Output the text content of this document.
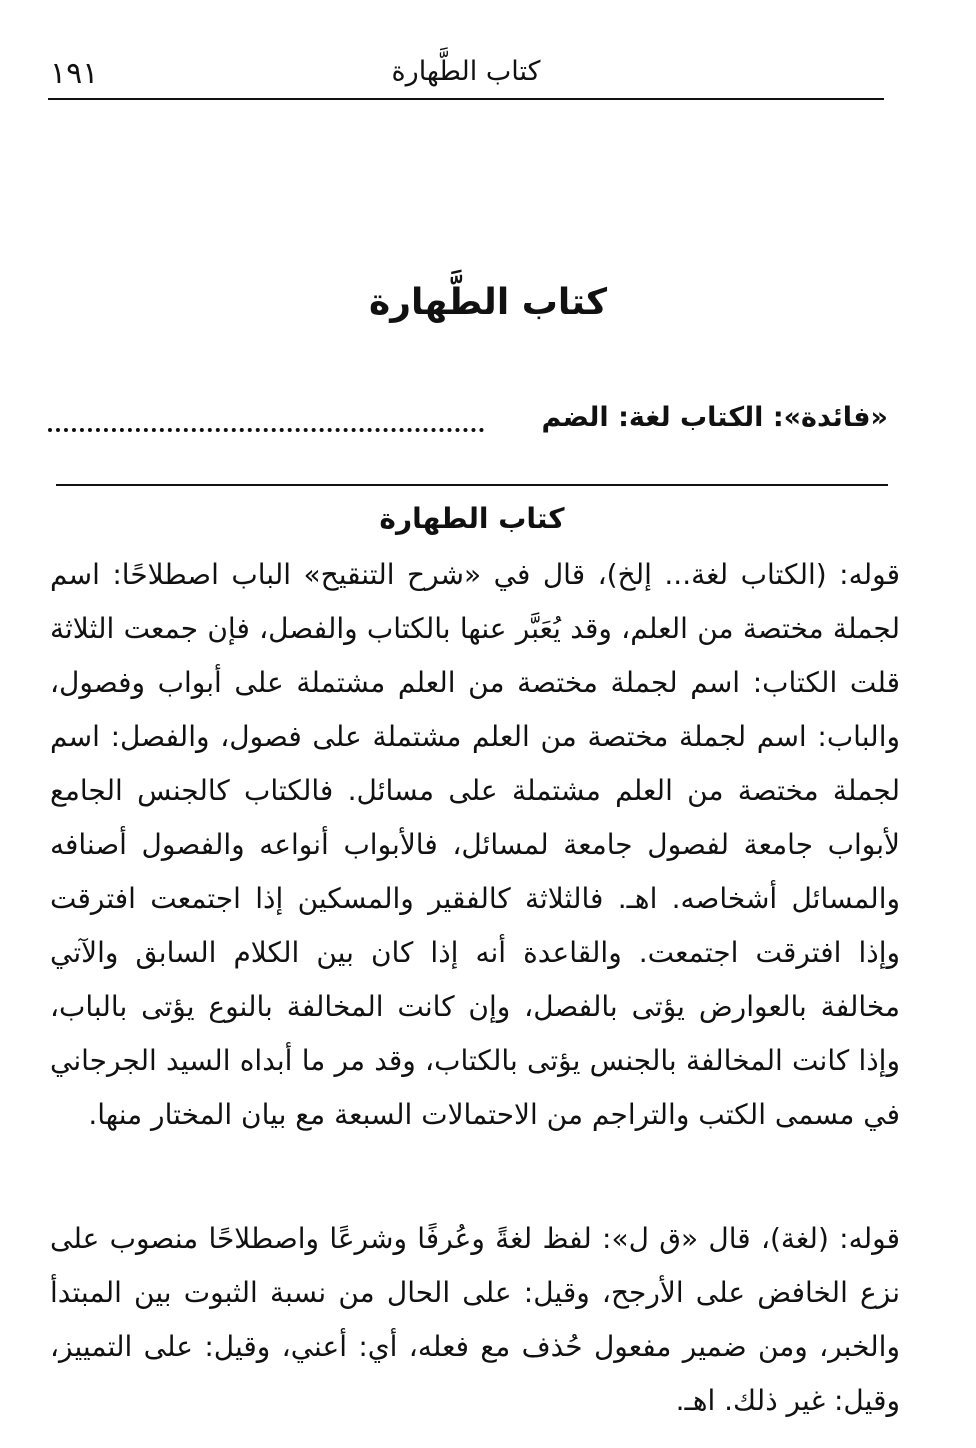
١٩١	كتاب الطَّهارة
كتاب الطَّهارة
«فائدة»: الكتاب لغة: الضم
كتاب الطهارة

قوله: (الكتاب لغة... إلخ)، قال في «شرح التنقيح» الباب اصطلاحًا: اسم لجملة مختصة من العلم، وقد يُعَبَّر عنها بالكتاب والفصل، فإن جمعت الثلاثة قلت الكتاب: اسم لجملة مختصة من العلم مشتملة على أبواب وفصول، والباب: اسم لجملة مختصة من العلم مشتملة على فصول، والفصل: اسم لجملة مختصة من العلم مشتملة على مسائل. فالكتاب كالجنس الجامع لأبواب جامعة لفصول جامعة لمسائل، فالأبواب أنواعه والفصول أصنافه والمسائل أشخاصه. اهـ. فالثلاثة كالفقير والمسكين إذا اجتمعت افترقت وإذا افترقت اجتمعت. والقاعدة أنه إذا كان بين الكلام السابق والآتي مخالفة بالعوارض يؤتى بالفصل، وإن كانت المخالفة بالنوع يؤتى بالباب، وإذا كانت المخالفة بالجنس يؤتى بالكتاب، وقد مر ما أبداه السيد الجرجاني في مسمى الكتب والتراجم من الاحتمالات السبعة مع بيان المختار منها.

قوله: (لغة)، قال «ق ل»: لفظ لغةً وعُرفًا وشرعًا واصطلاحًا منصوب على نزع الخافض على الأرجح، وقيل: على الحال من نسبة الثبوت بين المبتدأ والخبر، ومن ضمير مفعول حُذف مع فعله، أي: أعني، وقيل: على التمييز، وقيل: غير ذلك. اهـ.
